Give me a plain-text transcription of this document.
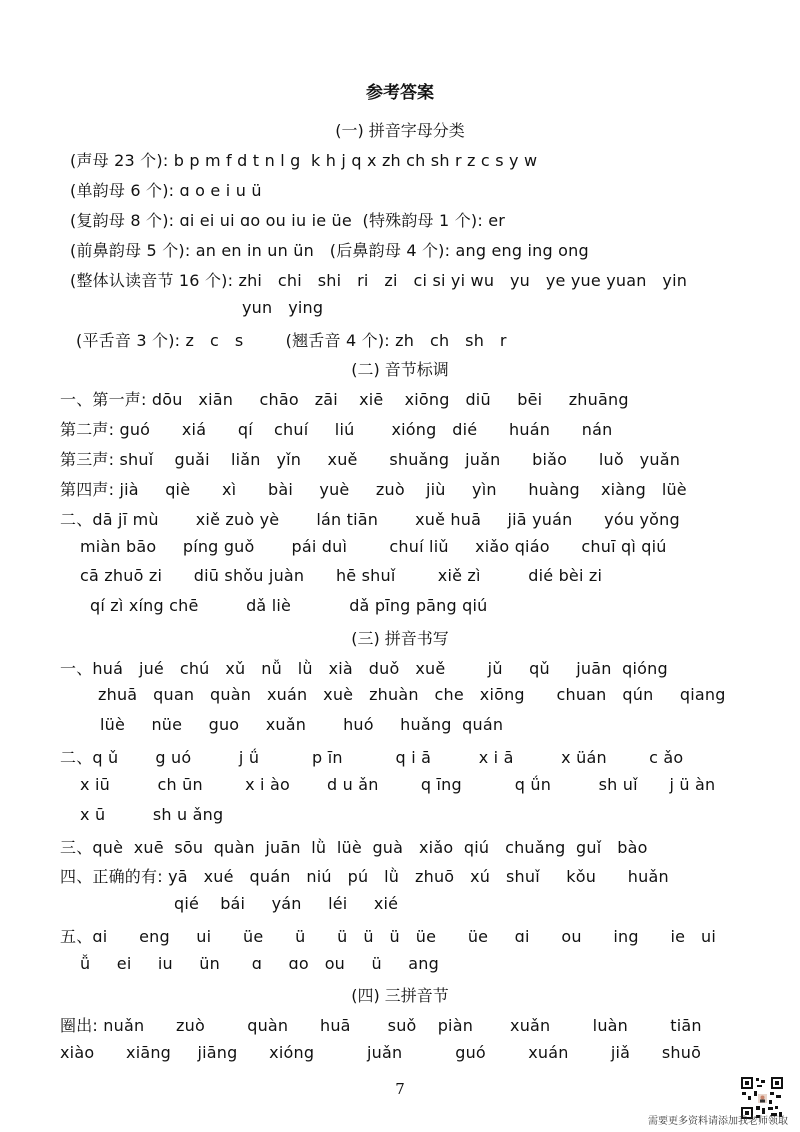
参考答案
(一) 拼音字母分类
(声母 23 个): b p m f d t n l g  k h j q x zh ch sh r z c s y w
(单韵母 6 个): ɑ o e i u ü
(复韵母 8 个): ɑi ei ui ɑo ou iu ie üe  (特殊韵母 1 个): er
(前鼻韵母 5 个): an en in un ün   (后鼻韵母 4 个): ang eng ing ong
(整体认读音节 16 个): zhi   chi   shi   ri   zi   ci si yi wu   yu   ye yue yuan   yin
yun   ying
(平舌音 3 个): z   c   s        (翘舌音 4 个): zh   ch   sh   r
(二) 音节标调
一、第一声: dōu   xiān     chāo   zāi    xiē    xiōng   diū     bēi     zhuāng
第二声: guó      xiá      qí    chuí     liú       xióng   dié      huán      nán
第三声: shuǐ    guǎi    liǎn   yǐn     xuě      shuǎng   juǎn      biǎo      luǒ   yuǎn
第四声: jià     qiè      xì      bài     yuè     zuò    jiù     yìn      huàng    xiàng   lüè
二、dā jī mù       xiě zuò yè       lán tiān       xuě huā     jiā yuán      yóu yǒng
miàn bāo     píng guǒ       pái duì        chuí liǔ     xiǎo qiáo      chuī qì qiú
cā zhuō zi      diū shǒu juàn      hē shuǐ        xiě zì         dié bèi zi
qí zì xíng chē         dǎ liè           dǎ pīng pāng qiú
(三) 拼音书写
一、huá   jué   chú   xǔ   nǚ   lǜ   xià   duǒ   xuě        jǔ     qǔ     juān  qióng
zhuā   quan   quàn   xuán   xuè   zhuàn   che   xiōng      chuan   qún     qiang
lüè     nüe     guo     xuǎn       huó     huǎng  quán
二、q ǔ       g uó         j ǘ          p īn          q i ā         x i ā         x üán        c ǎo
x iū         ch ūn        x i ào       d u ǎn        q īng          q ǘn         sh uǐ      j ü àn
x ū         sh u ǎng
三、què  xuē  sōu  quàn  juān  lǜ  lüè  guà   xiǎo  qiú   chuǎng  guǐ   bào
四、正确的有: yā   xué   quán   niú   pú   lǜ   zhuō   xú   shuǐ     kǒu      huǎn
qié    bái     yán     léi     xié
五、ɑi      eng     ui      üe      ü      ü   ü   ü   üe      üe     ɑi      ou      ing      ie   ui
ǚ     ei     iu     ün      ɑ     ɑo   ou     ü     ang
(四) 三拼音节
圈出: nuǎn      zuò        quàn      huā       suǒ    piàn       xuǎn        luàn        tiān
xiào      xiāng     jiāng      xióng          juǎn          guó        xuán        jiǎ      shuō
7
需要更多资料请添加我老师领取
